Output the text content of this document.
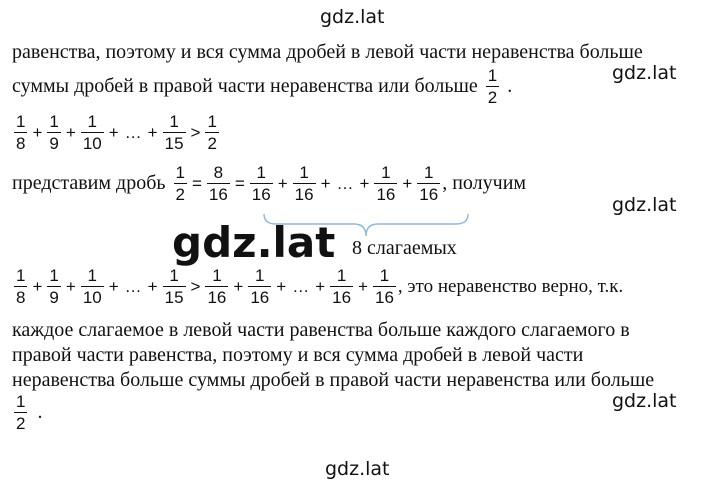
gdz.lat
gdz.lat
gdz.lat
gdz.lat
gdz.lat
равенства, поэтому и вся сумма дробей в левой части неравенства больше
суммы дробей в правой части неравенства или больше $\frac{1}{2}$ .
$\frac{1}{8} + \frac{1}{9} + \frac{1}{10}$ + … + $\frac{1}{15} > \frac{1}{2}$
представим дробь $\frac{1}{2} = \frac{8}{16} = \frac{1}{16} + \frac{1}{16}$ + … + $\frac{1}{16} + \frac{1}{16}$ , получим
gdz.lat 8 слагаемых
$\frac{1}{8} + \frac{1}{9} + \frac{1}{10}$ + … + $\frac{1}{15} > \frac{1}{16} + \frac{1}{16}$ + … + $\frac{1}{16} + \frac{1}{16}$ , это неравенство верно, т.к.
каждое слагаемое в левой части равенства больше каждого слагаемого в
правой части равенства, поэтому и вся сумма дробей в левой части
неравенства больше суммы дробей в правой части неравенства или больше
$\frac{1}{2}$ .
